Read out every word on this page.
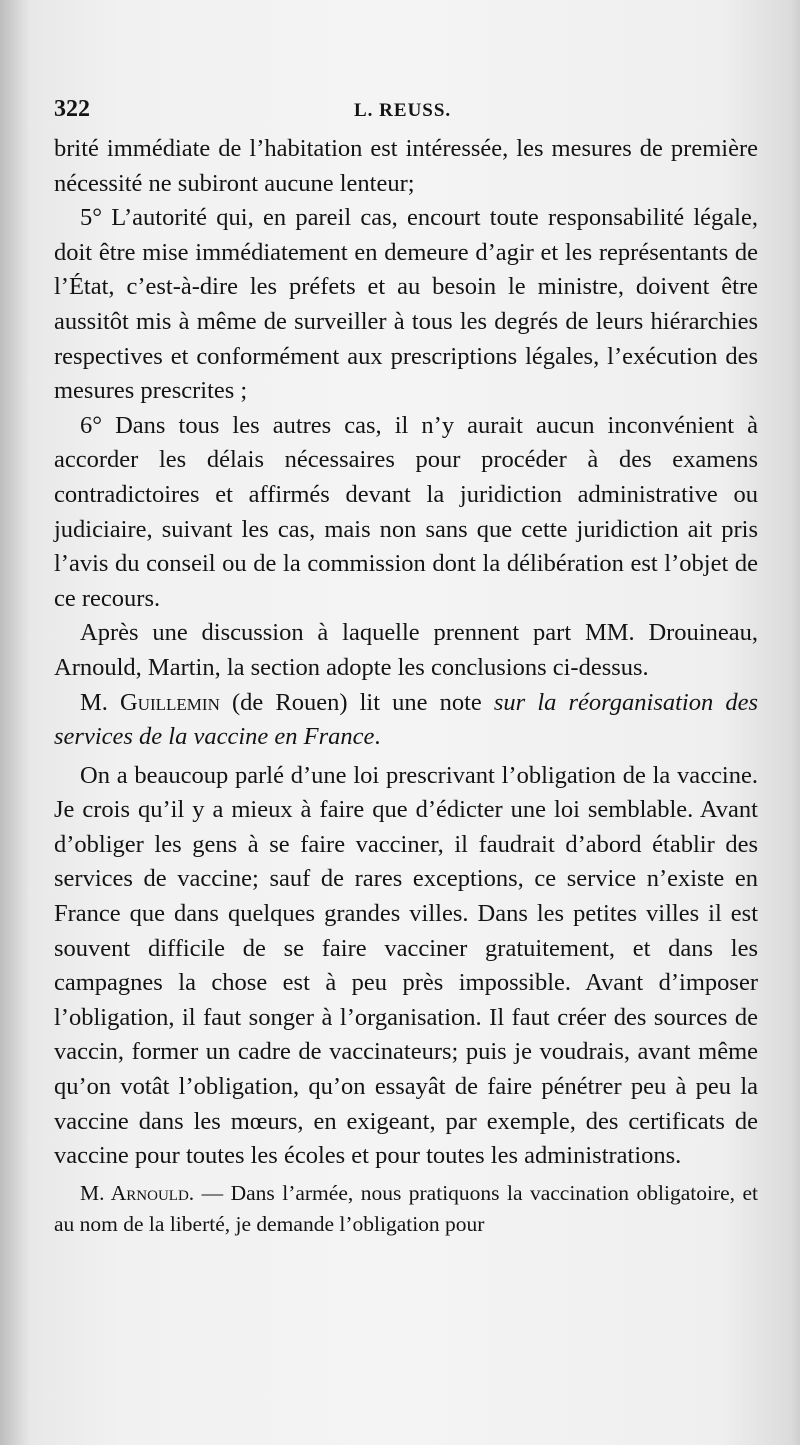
322	L. REUSS.

brité immédiate de l’habitation est intéressée, les mesures de première nécessité ne subiront aucune lenteur;

5° L’autorité qui, en pareil cas, encourt toute responsabilité légale, doit être mise immédiatement en demeure d’agir et les représentants de l’État, c’est-à-dire les préfets et au besoin le ministre, doivent être aussitôt mis à même de surveiller à tous les degrés de leurs hiérarchies respectives et conformément aux prescriptions légales, l’exécution des mesures prescrites ;

6° Dans tous les autres cas, il n’y aurait aucun inconvénient à accorder les délais nécessaires pour procéder à des examens contradictoires et affirmés devant la juridiction administrative ou judiciaire, suivant les cas, mais non sans que cette juridiction ait pris l’avis du conseil ou de la commission dont la délibération est l’objet de ce recours.

Après une discussion à laquelle prennent part MM. Drouineau, Arnould, Martin, la section adopte les conclusions ci-dessus.

M. Guillemin (de Rouen) lit une note sur la réorganisation des services de la vaccine en France.

On a beaucoup parlé d’une loi prescrivant l’obligation de la vaccine. Je crois qu’il y a mieux à faire que d’édicter une loi semblable. Avant d’obliger les gens à se faire vacciner, il faudrait d’abord établir des services de vaccine; sauf de rares exceptions, ce service n’existe en France que dans quelques grandes villes. Dans les petites villes il est souvent difficile de se faire vacciner gratuitement, et dans les campagnes la chose est à peu près impossible. Avant d’imposer l’obligation, il faut songer à l’organisation. Il faut créer des sources de vaccin, former un cadre de vaccinateurs; puis je voudrais, avant même qu’on votât l’obligation, qu’on essayât de faire pénétrer peu à peu la vaccine dans les mœurs, en exigeant, par exemple, des certificats de vaccine pour toutes les écoles et pour toutes les administrations.

M. Arnould. — Dans l’armée, nous pratiquons la vaccination obligatoire, et au nom de la liberté, je demande l’obligation pour
